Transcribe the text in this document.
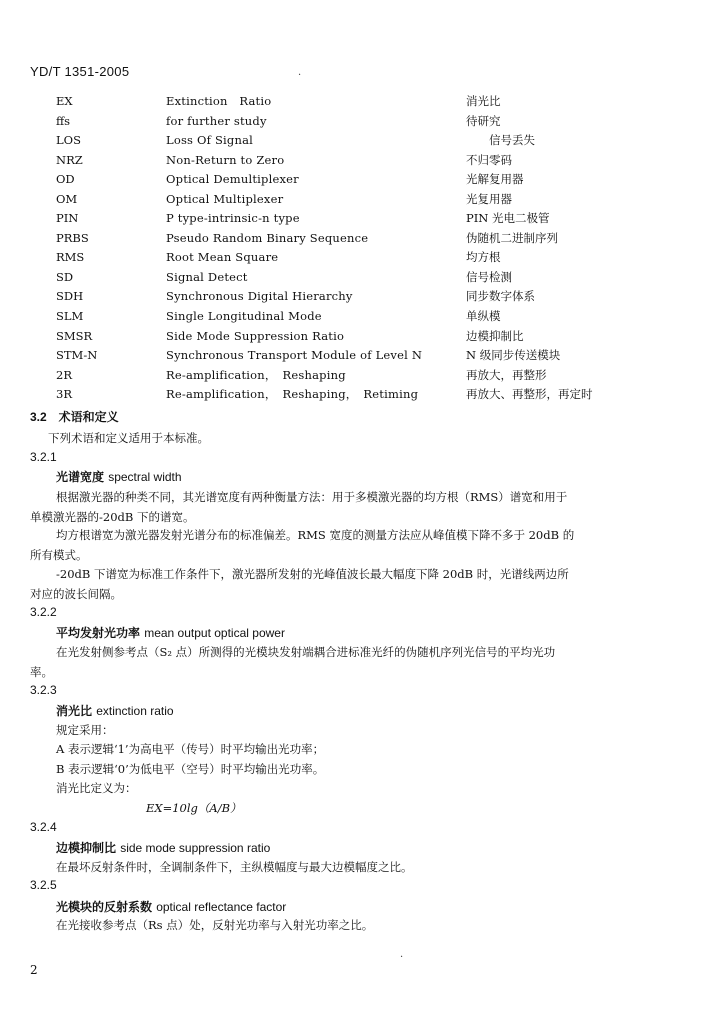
YD/T 1351-2005	·
EX	Extinction　Ratio	消光比
ffs	for further study	待研究
LOS	Loss Of Signal	　　信号丢失
NRZ	Non-Return to Zero	不归零码
OD	Optical Demultiplexer	光解复用器
OM	Optical Multiplexer	光复用器
PIN	P type-intrinsic-n type	PIN 光电二极管
PRBS	Pseudo Random Binary Sequence	伪随机二进制序列
RMS	Root Mean Square	均方根
SD	Signal Detect	信号检测
SDH	Synchronous Digital Hierarchy	同步数字体系
SLM	Single Longitudinal Mode	单纵模
SMSR	Side Mode Suppression Ratio	边模抑制比
STM-N	Synchronous Transport Module of Level N	N 级同步传送模块
2R	Re-amplification，　Reshaping	再放大，再整形
3R	Re-amplification，　Reshaping，　Retiming	再放大、再整形，再定时
3.2　术语和定义
下列术语和定义适用于本标准。
3.2.1
光谱宽度 spectral width
根据激光器的种类不同，其光谱宽度有两种衡量方法：用于多模激光器的均方根（RMS）谱宽和用于
单模激光器的-20dB 下的谱宽。
均方根谱宽为激光器发射光谱分布的标准偏差。RMS 宽度的测量方法应从峰值模下降不多于 20dB 的
所有模式。
-20dB 下谱宽为标准工作条件下，激光器所发射的光峰值波长最大幅度下降 20dB 时，光谱线两边所
对应的波长间隔。
3.2.2
平均发射光功率 mean output optical power
在光发射侧参考点（S₂ 点）所测得的光模块发射端耦合进标准光纤的伪随机序列光信号的平均光功
率。
3.2.3
消光比 extinction ratio
规定采用：
A 表示逻辑‘1’为高电平（传号）时平均输出光功率；
B 表示逻辑‘0’为低电平（空号）时平均输出光功率。
消光比定义为：
EX=10lg（A/B）
3.2.4
边模抑制比 side mode suppression ratio
在最坏反射条件时，全调制条件下，主纵模幅度与最大边模幅度之比。
3.2.5
光模块的反射系数 optical reflectance factor
在光接收参考点（Rs 点）处，反射光功率与入射光功率之比。
·
2
